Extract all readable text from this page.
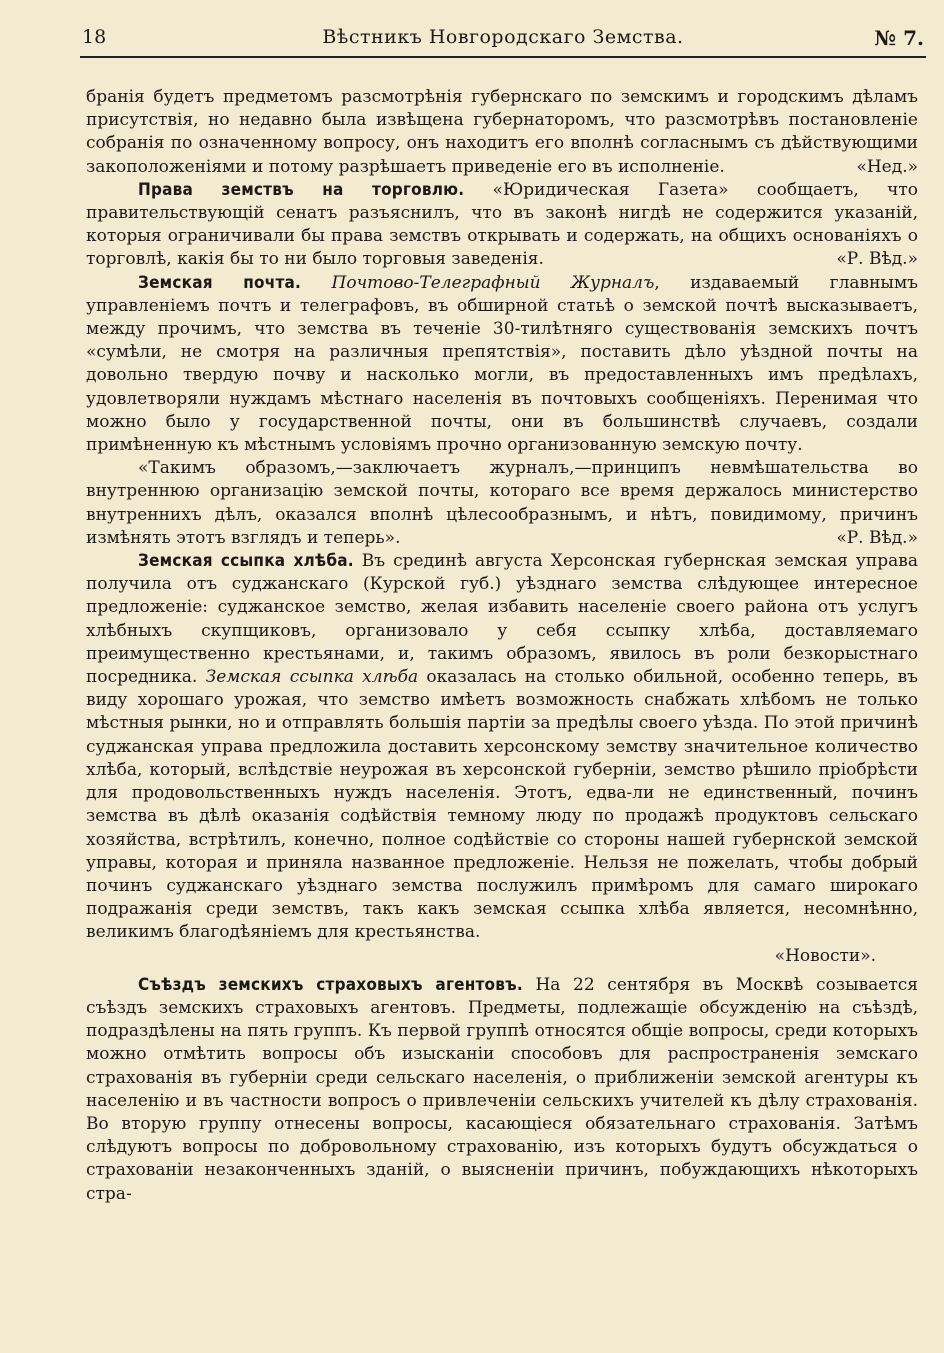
18	Вѣстникъ Новгородскаго Земства.	№ 7.

бранія будетъ предметомъ разсмотрѣнія губернскаго по земскимъ и городскимъ дѣламъ присутствія, но недавно была извѣщена губернаторомъ, что разсмотрѣвъ постановленіе собранія по означенному вопросу, онъ находитъ его вполнѣ согласнымъ съ дѣйствующими закоположеніями и потому разрѣшаетъ приведеніе его въ исполненіе.	«Нед.»

Права земствъ на торговлю. «Юридическая Газета» сообщаетъ, что правительствующій сенатъ разъяснилъ, что въ законѣ нигдѣ не содержится указаній, которыя ограничивали бы права земствъ открывать и содержать, на общихъ основаніяхъ о торговлѣ, какія бы то ни было торговыя заведенія.	«Р. Вѣд.»

Земская почта. Почтово-Телеграфный Журналъ, издаваемый главнымъ управленіемъ почтъ и телеграфовъ, въ обширной статьѣ о земской почтѣ высказываетъ, между прочимъ, что земства въ теченіе 30-тилѣтняго существованія земскихъ почтъ «сумѣли, не смотря на различныя препятствія», поставить дѣло уѣздной почты на довольно твердую почву и насколько могли, въ предоставленныхъ имъ предѣлахъ, удовлетворяли нуждамъ мѣстнаго населенія въ почтовыхъ сообщеніяхъ. Перенимая что можно было у государственной почты, они въ большинствѣ случаевъ, создали примѣненную къ мѣстнымъ условіямъ прочно организованную земскую почту.

«Такимъ образомъ,—заключаетъ журналъ,—принципъ невмѣшательства во внутреннюю организацію земской почты, котораго все время держалось министерство внутреннихъ дѣлъ, оказался вполнѣ цѣлесообразнымъ, и нѣтъ, повидимому, причинъ измѣнять этотъ взглядъ и теперь».	«Р. Вѣд.»

Земская ссыпка хлѣба. Въ срединѣ августа Херсонская губернская земская управа получила отъ суджанскаго (Курской губ.) уѣзднаго земства слѣдующее интересное предложеніе: суджанское земство, желая избавить населеніе своего района отъ услугъ хлѣбныхъ скупщиковъ, организовало у себя ссыпку хлѣба, доставляемаго преимущественно крестьянами, и, такимъ образомъ, явилось въ роли безкорыстнаго посредника. Земская ссыпка хлѣба оказалась на столько обильной, особенно теперь, въ виду хорошаго урожая, что земство имѣетъ возможность снабжать хлѣбомъ не только мѣстныя рынки, но и отправлять большія партіи за предѣлы своего уѣзда. По этой причинѣ суджанская управа предложила доставить херсонскому земству значительное количество хлѣба, который, вслѣдствіе неурожая въ херсонской губерніи, земство рѣшило пріобрѣсти для продовольственныхъ нуждъ населенія. Этотъ, едва-ли не единственный, починъ земства въ дѣлѣ оказанія содѣйствія темному люду по продажѣ продуктовъ сельскаго хозяйства, встрѣтилъ, конечно, полное содѣйствіе со стороны нашей губернской земской управы, которая и приняла названное предложеніе. Нельзя не пожелать, чтобы добрый починъ суджанскаго уѣзднаго земства послужилъ примѣромъ для самаго широкаго подражанія среди земствъ, такъ какъ земская ссыпка хлѣба является, несомнѣнно, великимъ благодѣяніемъ для крестьянства.
«Новости».

Съѣздъ земскихъ страховыхъ агентовъ. На 22 сентября въ Москвѣ созывается съѣздъ земскихъ страховыхъ агентовъ. Предметы, подлежащіе обсужденію на съѣздѣ, подраздѣлены на пять группъ. Къ первой группѣ относятся общіе вопросы, среди которыхъ можно отмѣтить вопросы объ изысканіи способовъ для распространенія земскаго страхованія въ губерніи среди сельскаго населенія, о приближеніи земской агентуры къ населенію и въ частности вопросъ о привлеченіи сельскихъ учителей къ дѣлу страхованія. Во вторую группу отнесены вопросы, касающіеся обязательнаго страхованія. Затѣмъ слѣдуютъ вопросы по добровольному страхованію, изъ которыхъ будутъ обсуждаться о страхованіи незаконченныхъ зданій, о выясненіи причинъ, побуждающихъ нѣкоторыхъ стра-
